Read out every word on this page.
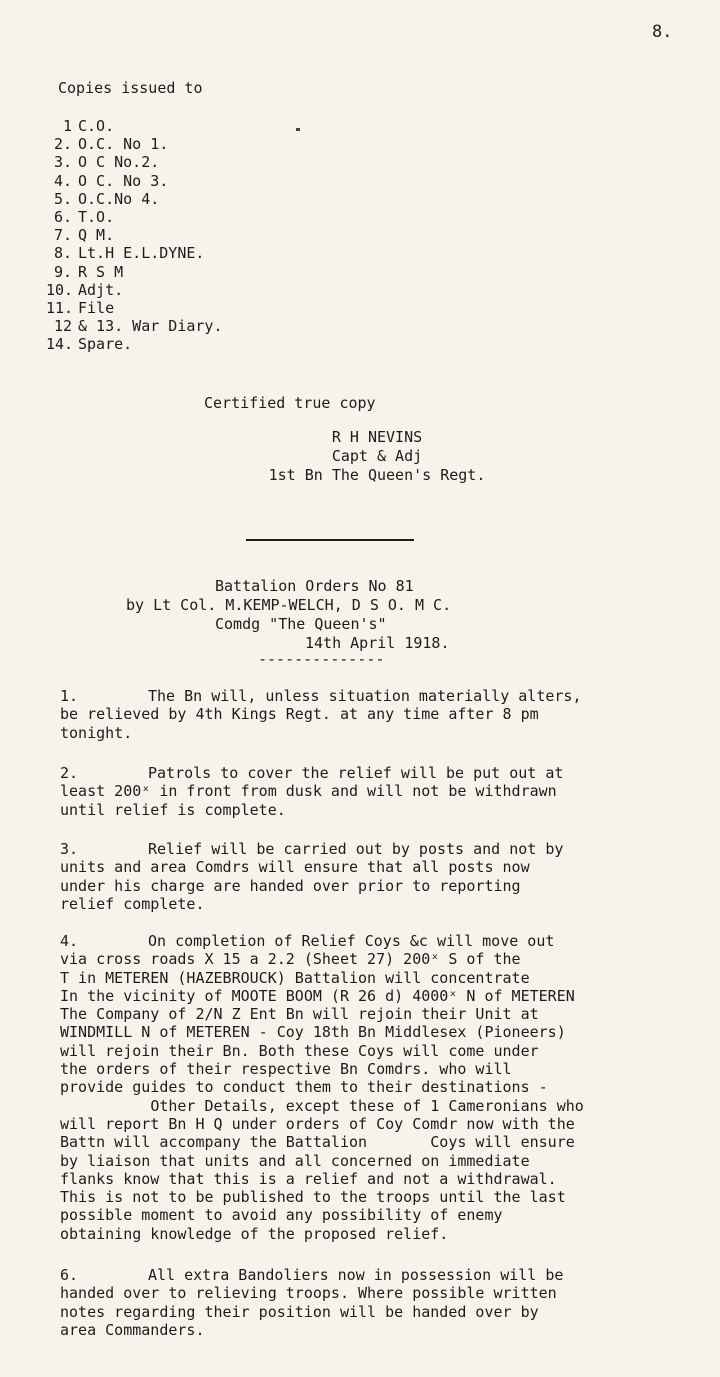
8.
Copies issued to
1 C.O.
2. O.C. No 1.
3. O C No.2.
4. O C. No 3.
5. O.C.No 4.
6. T.O.
7. Q M.
8. Lt.H E.L.DYNE.
9. R S M
10. Adjt.
11. File
12 & 13. War Diary.
14. Spare.
Certified true copy
R H NEVINS
Capt & Adj
1st Bn The Queen's Regt.
Battalion Orders No 81
by Lt Col. M.KEMP-WELCH, D S O. M C.
Comdg "The Queen's"
14th April 1918.
--------------
1.	The Bn will, unless situation materially alters,
be relieved by 4th Kings Regt. at any time after 8 pm
tonight.
2.	Patrols to cover the relief will be put out at
least 200ˣ in front from dusk and will not be withdrawn
until relief is complete.
3.	Relief will be carried out by posts and not by
units and area Comdrs will ensure that all posts now
under his charge are handed over prior to reporting
relief complete.
4.	On completion of Relief Coys &c will move out
via cross roads X 15 a 2.2 (Sheet 27) 200ˣ S of the
T in METEREN (HAZEBROUCK) Battalion will concentrate
In the vicinity of MOOTE BOOM (R 26 d) 4000ˣ N of METEREN
The Company of 2/N Z Ent Bn will rejoin their Unit at
WINDMILL N of METEREN - Coy 18th Bn Middlesex (Pioneers)
will rejoin their Bn. Both these Coys will come under
the orders of their respective Bn Comdrs. who will
provide guides to conduct them to their destinations -
Other Details, except these of 1 Cameronians who
will report Bn H Q under orders of Coy Comdr now with the
Battn will accompany the Battalion       Coys will ensure
by liaison that units and all concerned on immediate
flanks know that this is a relief and not a withdrawal.
This is not to be published to the troops until the last
possible moment to avoid any possibility of enemy
obtaining knowledge of the proposed relief.
6.	All extra Bandoliers now in possession will be
handed over to relieving troops. Where possible written
notes regarding their position will be handed over by
area Commanders.
